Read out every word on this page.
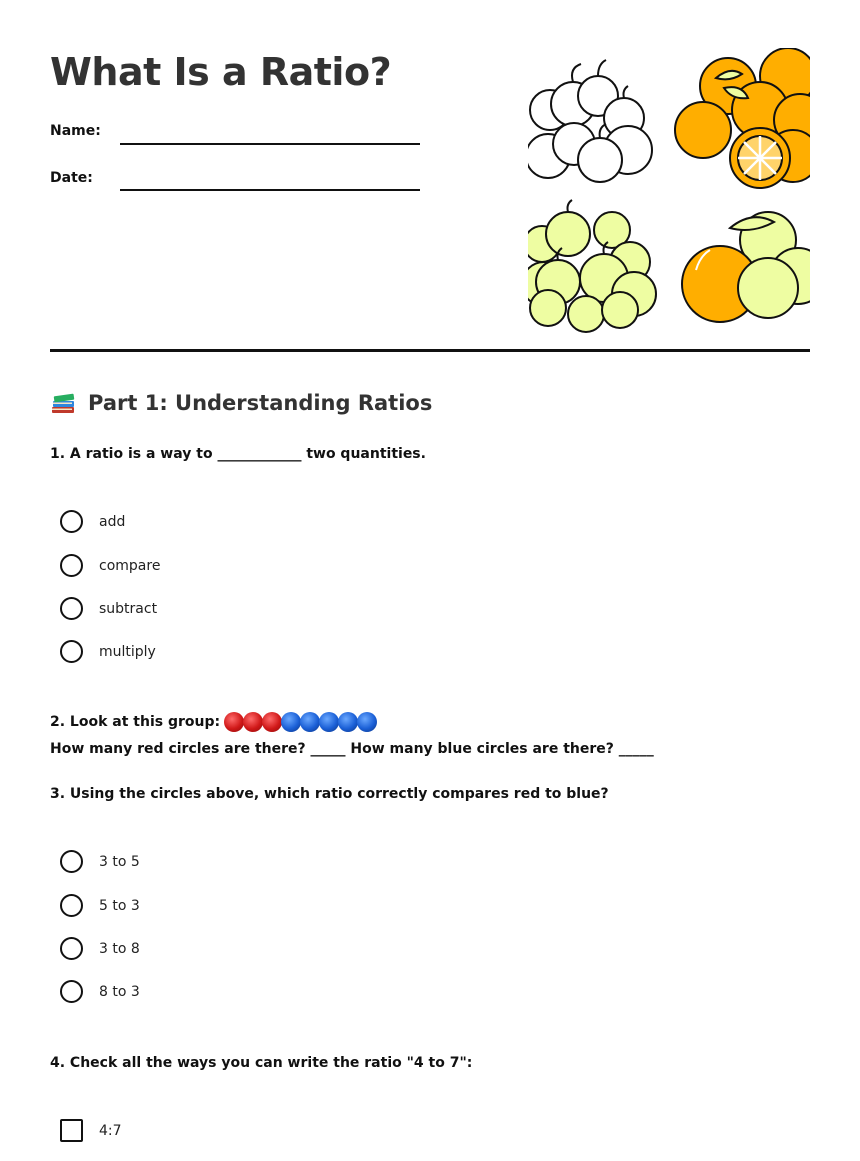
What Is a Ratio?
Name:
Date:
Part 1: Understanding Ratios
1. A ratio is a way to ____________ two quantities.
add
compare
subtract
multiply
2. Look at this group:
How many red circles are there? _____ How many blue circles are there? _____
3. Using the circles above, which ratio correctly compares red to blue?
3 to 5
5 to 3
3 to 8
8 to 3
4. Check all the ways you can write the ratio "4 to 7":
4:7
